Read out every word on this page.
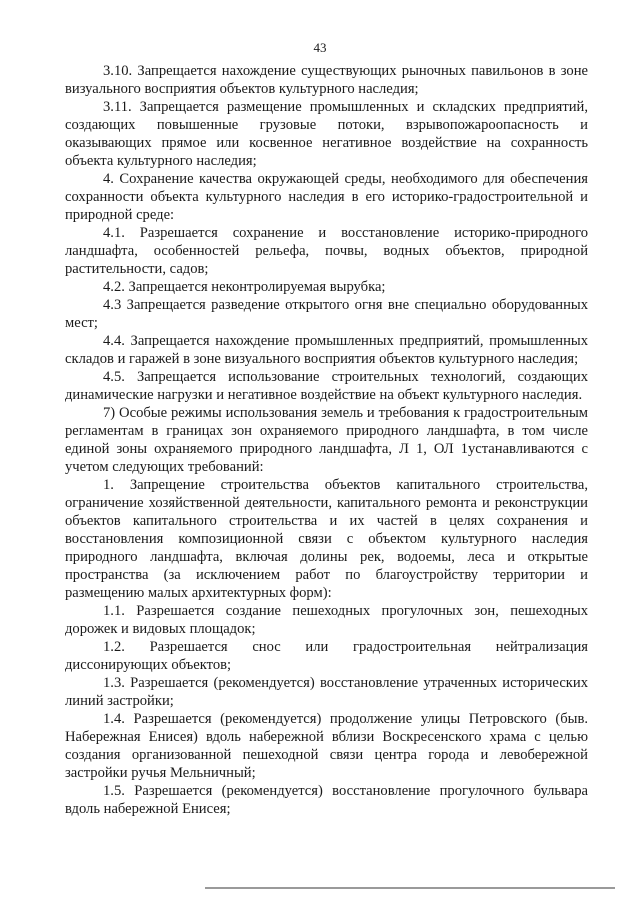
43

3.10. Запрещается нахождение существующих рыночных павильонов в зоне визуального восприятия объектов культурного наследия;

3.11. Запрещается размещение промышленных и складских предприятий, создающих повышенные грузовые потоки, взрывопожароопасность и оказывающих прямое или косвенное негативное воздействие на сохранность объекта культурного наследия;

4. Сохранение качества окружающей среды, необходимого для обеспечения сохранности объекта культурного наследия в его историко-градостроительной и природной среде:

4.1. Разрешается сохранение и восстановление историко-природного ландшафта, особенностей рельефа, почвы, водных объектов, природной растительности, садов;

4.2. Запрещается неконтролируемая вырубка;

4.3 Запрещается разведение открытого огня вне специально оборудованных мест;

4.4. Запрещается нахождение промышленных предприятий, промышленных складов и гаражей в зоне визуального восприятия объектов культурного наследия;

4.5. Запрещается использование строительных технологий, создающих динамические нагрузки и негативное воздействие на объект культурного наследия.

7) Особые режимы использования земель и требования к градостроительным регламентам в границах зон охраняемого природного ландшафта, в том числе единой зоны охраняемого природного ландшафта, Л 1, ОЛ 1устанавливаются с учетом следующих требований:

1. Запрещение строительства объектов капитального строительства, ограничение хозяйственной деятельности, капитального ремонта и реконструкции объектов капитального строительства и их частей в целях сохранения и восстановления композиционной связи с объектом культурного наследия природного ландшафта, включая долины рек, водоемы, леса и открытые пространства (за исключением работ по благоустройству территории и размещению малых архитектурных форм):

1.1. Разрешается создание пешеходных прогулочных зон, пешеходных дорожек и видовых площадок;

1.2. Разрешается снос или градостроительная нейтрализация диссонирующих объектов;

1.3. Разрешается (рекомендуется) восстановление утраченных исторических линий застройки;

1.4. Разрешается (рекомендуется) продолжение улицы Петровского (быв. Набережная Енисея) вдоль набережной вблизи Воскресенского храма с целью создания организованной пешеходной связи центра города и левобережной застройки ручья Мельничный;

1.5. Разрешается (рекомендуется) восстановление прогулочного бульвара вдоль набережной Енисея;
